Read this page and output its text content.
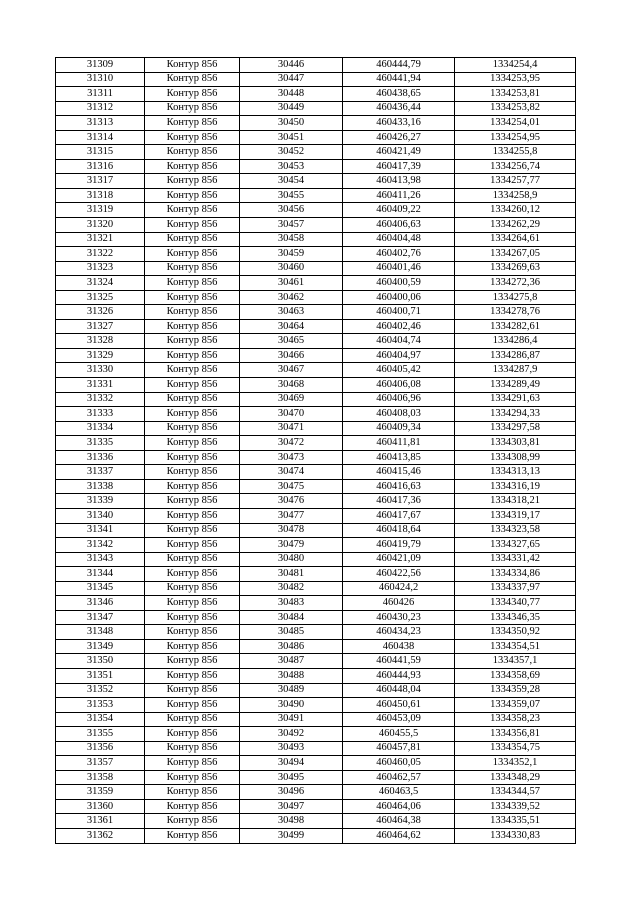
31309	Контур 856	30446	460444,79	1334254,4
31310	Контур 856	30447	460441,94	1334253,95
31311	Контур 856	30448	460438,65	1334253,81
31312	Контур 856	30449	460436,44	1334253,82
31313	Контур 856	30450	460433,16	1334254,01
31314	Контур 856	30451	460426,27	1334254,95
31315	Контур 856	30452	460421,49	1334255,8
31316	Контур 856	30453	460417,39	1334256,74
31317	Контур 856	30454	460413,98	1334257,77
31318	Контур 856	30455	460411,26	1334258,9
31319	Контур 856	30456	460409,22	1334260,12
31320	Контур 856	30457	460406,63	1334262,29
31321	Контур 856	30458	460404,48	1334264,61
31322	Контур 856	30459	460402,76	1334267,05
31323	Контур 856	30460	460401,46	1334269,63
31324	Контур 856	30461	460400,59	1334272,36
31325	Контур 856	30462	460400,06	1334275,8
31326	Контур 856	30463	460400,71	1334278,76
31327	Контур 856	30464	460402,46	1334282,61
31328	Контур 856	30465	460404,74	1334286,4
31329	Контур 856	30466	460404,97	1334286,87
31330	Контур 856	30467	460405,42	1334287,9
31331	Контур 856	30468	460406,08	1334289,49
31332	Контур 856	30469	460406,96	1334291,63
31333	Контур 856	30470	460408,03	1334294,33
31334	Контур 856	30471	460409,34	1334297,58
31335	Контур 856	30472	460411,81	1334303,81
31336	Контур 856	30473	460413,85	1334308,99
31337	Контур 856	30474	460415,46	1334313,13
31338	Контур 856	30475	460416,63	1334316,19
31339	Контур 856	30476	460417,36	1334318,21
31340	Контур 856	30477	460417,67	1334319,17
31341	Контур 856	30478	460418,64	1334323,58
31342	Контур 856	30479	460419,79	1334327,65
31343	Контур 856	30480	460421,09	1334331,42
31344	Контур 856	30481	460422,56	1334334,86
31345	Контур 856	30482	460424,2	1334337,97
31346	Контур 856	30483	460426	1334340,77
31347	Контур 856	30484	460430,23	1334346,35
31348	Контур 856	30485	460434,23	1334350,92
31349	Контур 856	30486	460438	1334354,51
31350	Контур 856	30487	460441,59	1334357,1
31351	Контур 856	30488	460444,93	1334358,69
31352	Контур 856	30489	460448,04	1334359,28
31353	Контур 856	30490	460450,61	1334359,07
31354	Контур 856	30491	460453,09	1334358,23
31355	Контур 856	30492	460455,5	1334356,81
31356	Контур 856	30493	460457,81	1334354,75
31357	Контур 856	30494	460460,05	1334352,1
31358	Контур 856	30495	460462,57	1334348,29
31359	Контур 856	30496	460463,5	1334344,57
31360	Контур 856	30497	460464,06	1334339,52
31361	Контур 856	30498	460464,38	1334335,51
31362	Контур 856	30499	460464,62	1334330,83
